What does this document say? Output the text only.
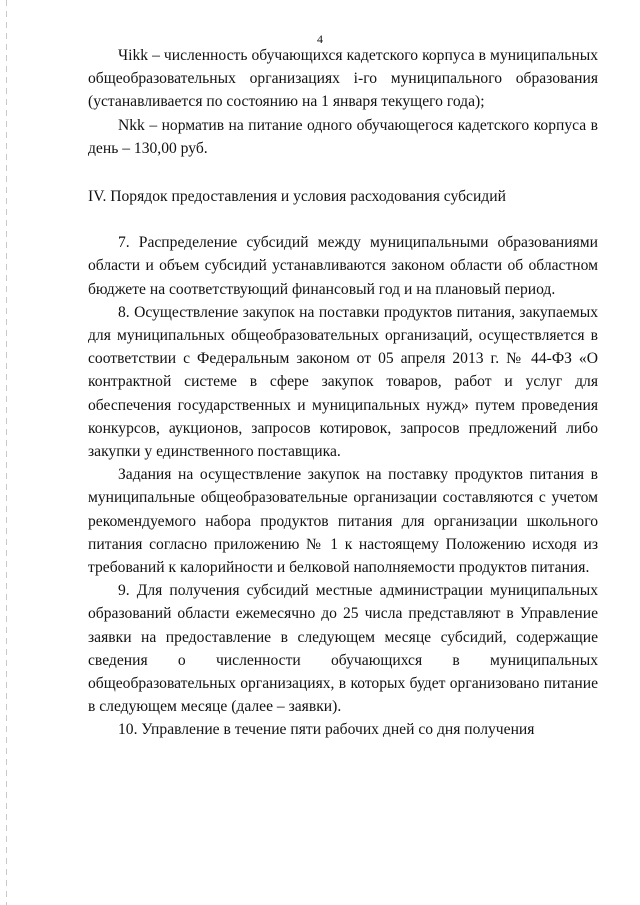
4

Чikk – численность обучающихся кадетского корпуса в муниципальных общеобразовательных организациях i-го муниципального образования (устанавливается по состоянию на 1 января текущего года);

Nkk – норматив на питание одного обучающегося кадетского корпуса в день – 130,00 руб.

IV. Порядок предоставления и условия расходования субсидий

7. Распределение субсидий между муниципальными образованиями области и объем субсидий устанавливаются законом области об областном бюджете на соответствующий финансовый год и на плановый период.

8. Осуществление закупок на поставки продуктов питания, закупаемых для муниципальных общеобразовательных организаций, осуществляется в соответствии с Федеральным законом от 05 апреля 2013 г. № 44-ФЗ «О контрактной системе в сфере закупок товаров, работ и услуг для обеспечения государственных и муниципальных нужд» путем проведения конкурсов, аукционов, запросов котировок, запросов предложений либо закупки у единственного поставщика.

Задания на осуществление закупок на поставку продуктов питания в муниципальные общеобразовательные организации составляются с учетом рекомендуемого набора продуктов питания для организации школьного питания согласно приложению № 1 к настоящему Положению исходя из требований к калорийности и белковой наполняемости продуктов питания.

9. Для получения субсидий местные администрации муниципальных образований области ежемесячно до 25 числа представляют в Управление заявки на предоставление в следующем месяце субсидий, содержащие сведения о численности обучающихся в муниципальных общеобразовательных организациях, в которых будет организовано питание в следующем месяце (далее – заявки).

10. Управление в течение пяти рабочих дней со дня получения
